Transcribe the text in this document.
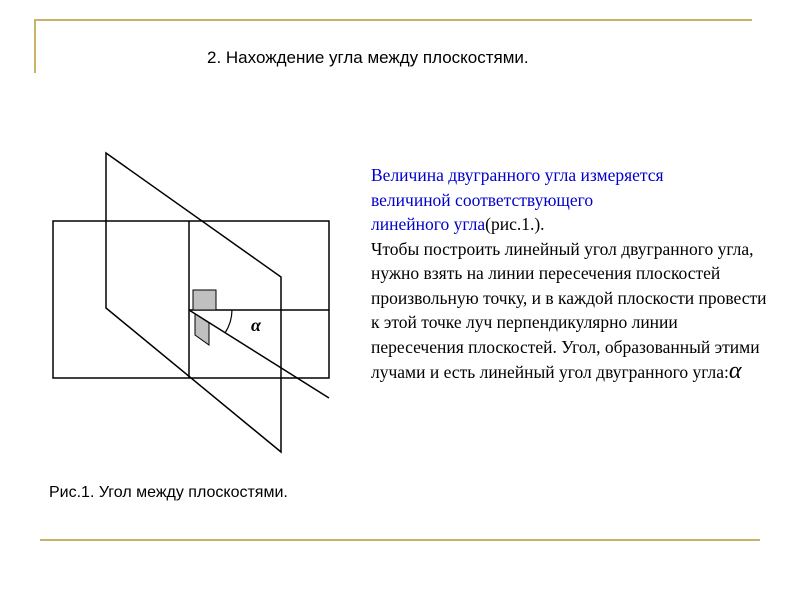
2. Нахождение угла между плоскостями.
α
Величина двугранного угла измеряется
величиной соответствующего
линейного угла(рис.1.).
Чтобы построить линейный угол двугранного угла, нужно взять на линии пересечения плоскостей произвольную точку, и в каждой плоскости провести к этой точке луч перпендикулярно линии пересечения плоскостей. Угол, образованный этими лучами и есть линейный угол двугранного угла:α
Рис.1. Угол между плоскостями.
